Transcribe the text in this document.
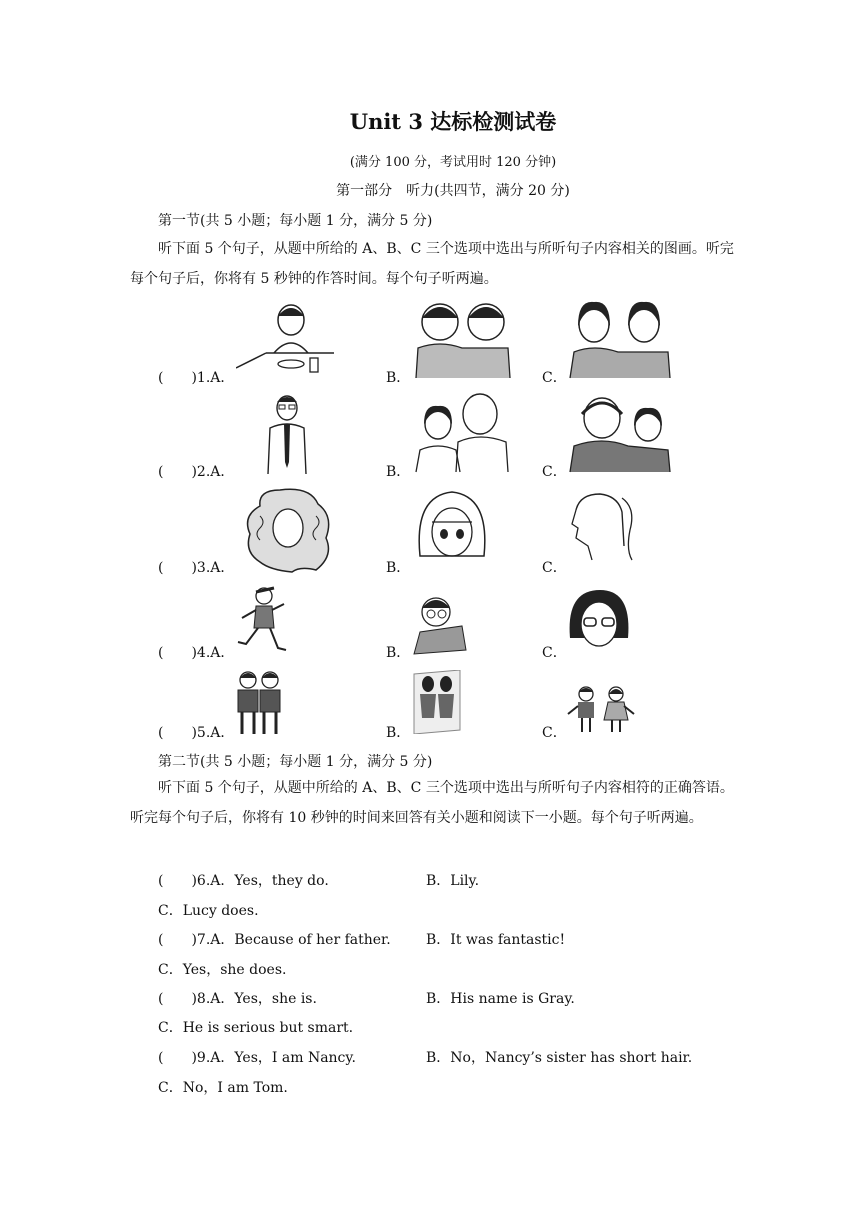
Unit 3 达标检测试卷
(满分 100 分，考试用时 120 分钟)
第一部分　听力(共四节，满分 20 分)
第一节(共 5 小题；每小题 1 分，满分 5 分)
听下面 5 个句子，从题中所给的 A、B、C 三个选项中选出与所听句子内容相关的图画。听完每个句子后，你将有 5 秒钟的作答时间。每个句子听两遍。
(　　)1.A．	B．	C．
(　　)2.A．	B．	C．
(　　)3.A．	B．	C．
(　　)4.A．	B．	C．
(　　)5.A．	B．	C．
第二节(共 5 小题；每小题 1 分，满分 5 分)
听下面 5 个句子，从题中所给的 A、B、C 三个选项中选出与所听句子内容相符的正确答语。听完每个句子后，你将有 10 秒钟的时间来回答有关小题和阅读下一小题。每个句子听两遍。
(　　)6.A．Yes，they do.	B．Lily.
C．Lucy does.
(　　)7.A．Because of her father.	B．It was fantastic!
C．Yes，she does.
(　　)8.A．Yes，she is.	B．His name is Gray.
C．He is serious but smart.
(　　)9.A．Yes，I am Nancy.	B．No，Nancy’s sister has short hair.
C．No，I am Tom.
